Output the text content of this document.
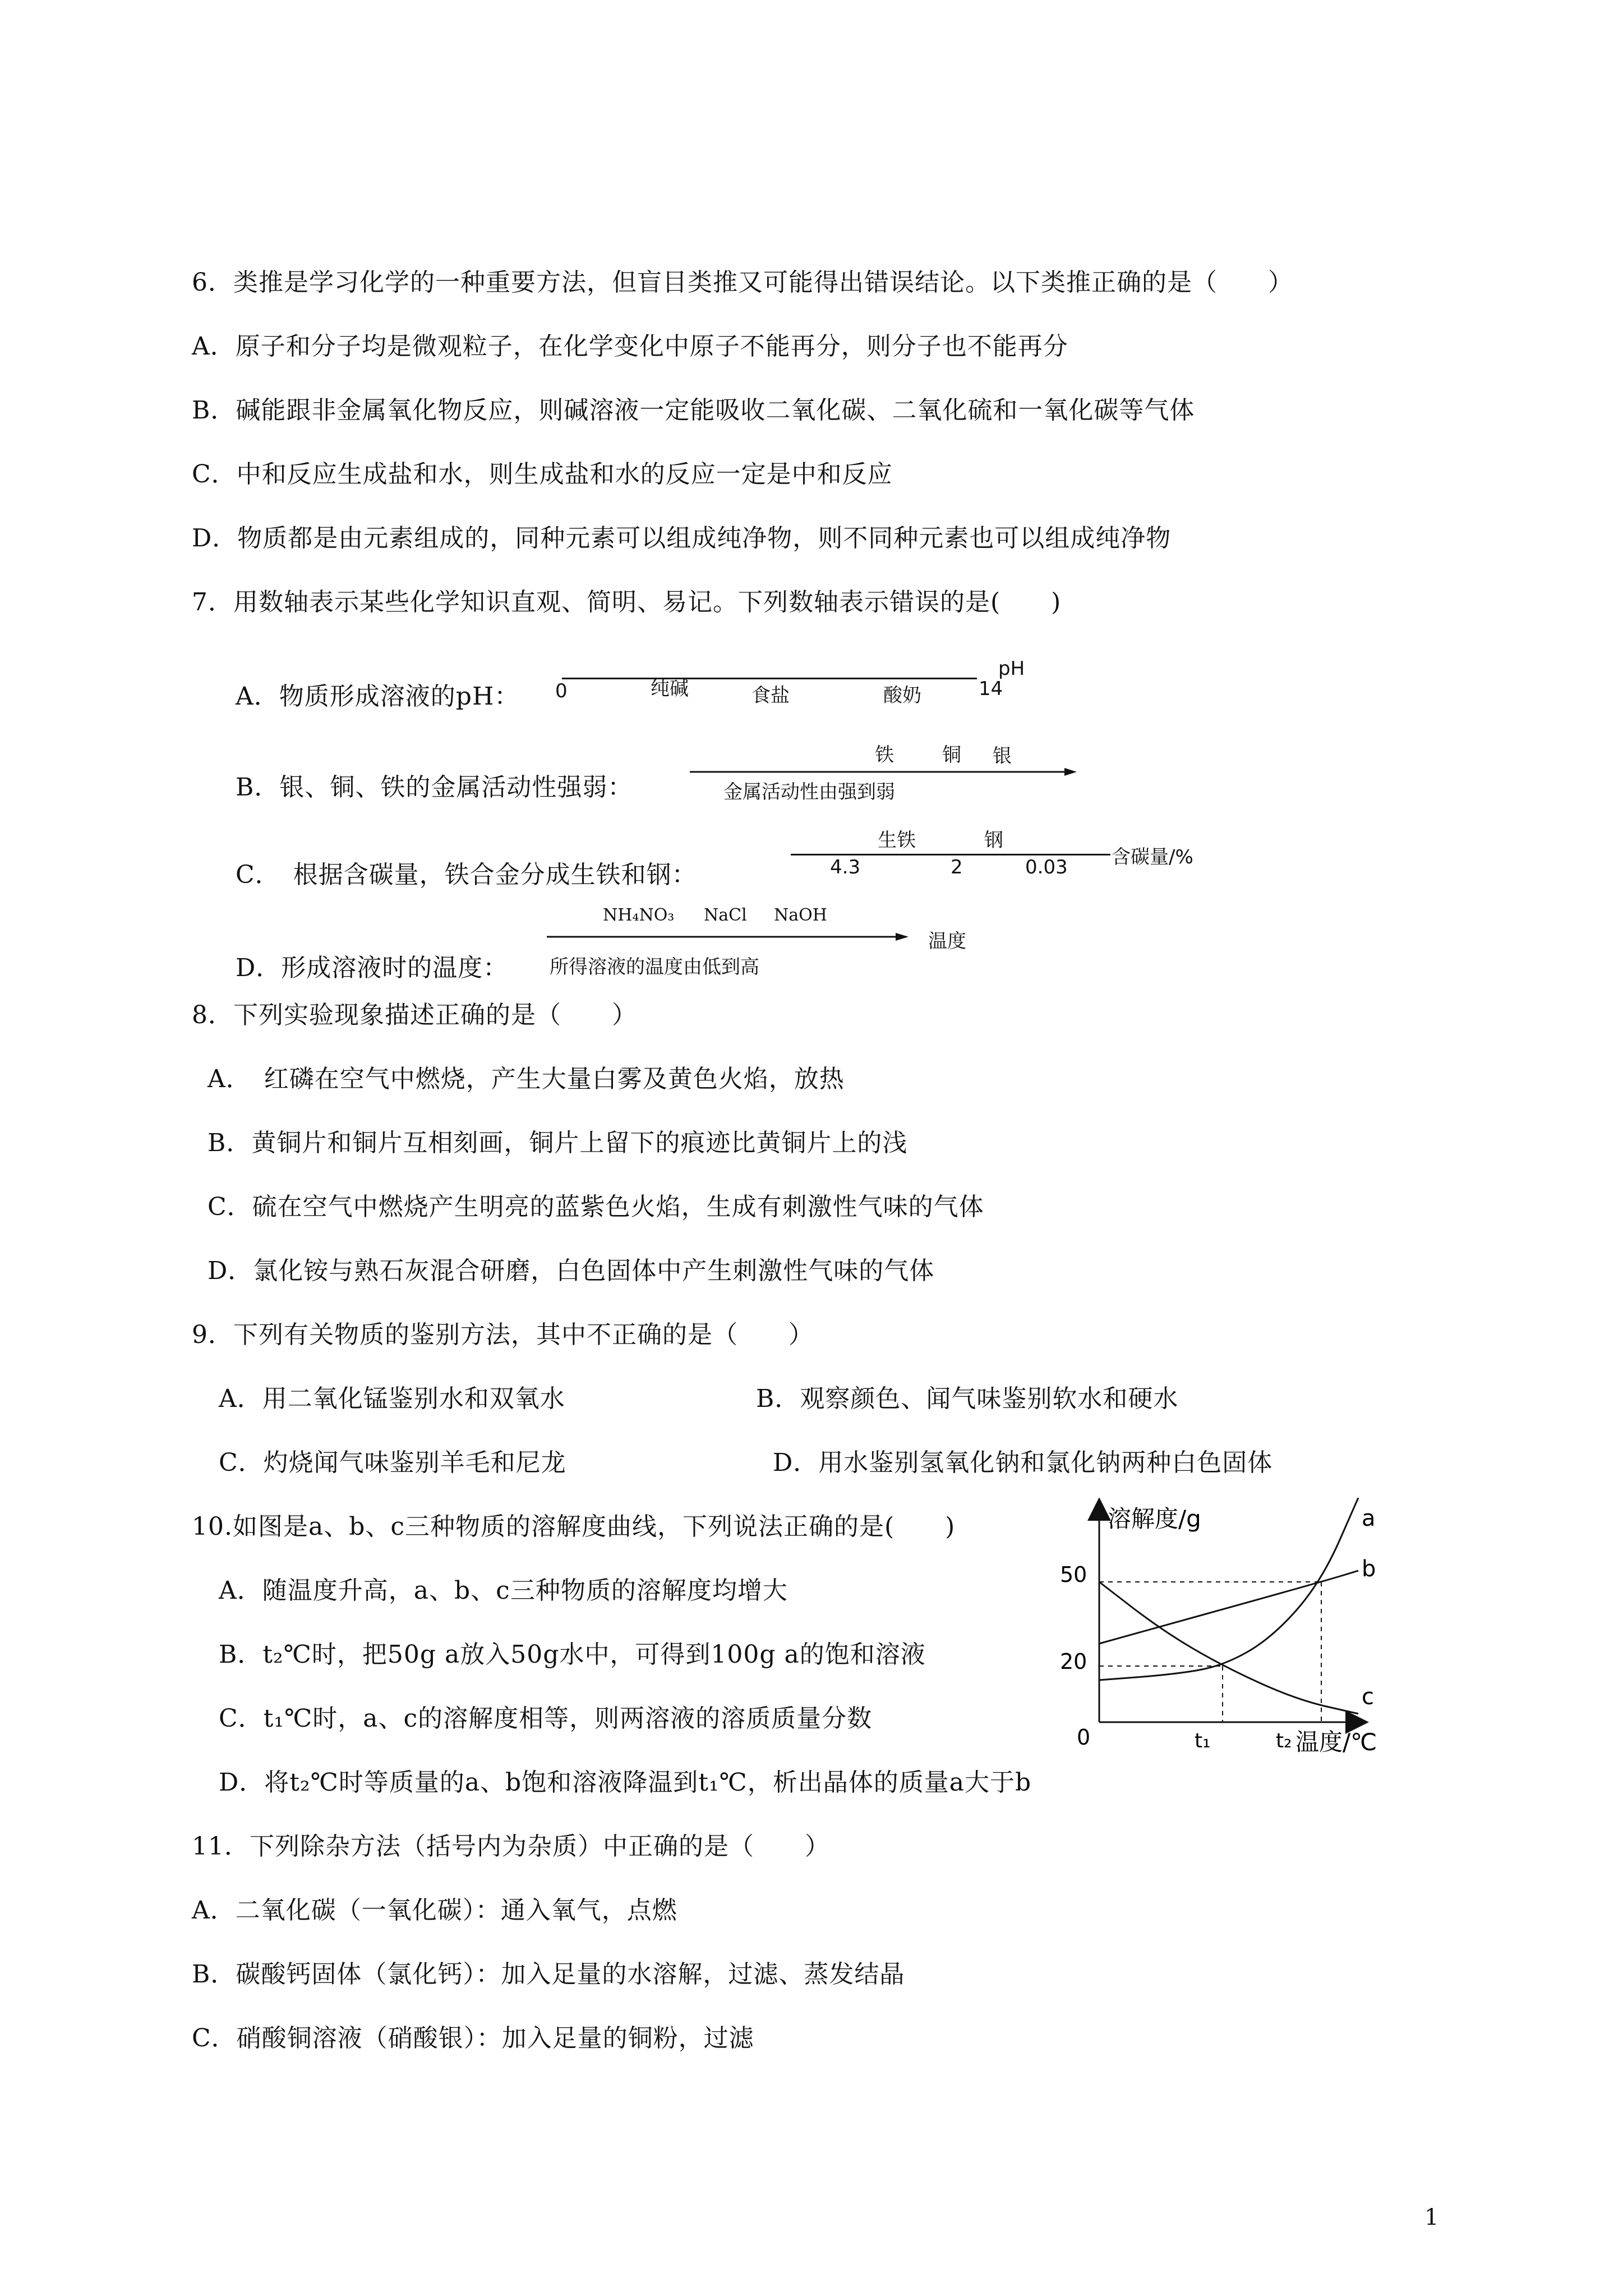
6．类推是学习化学的一种重要方法，但盲目类推又可能得出错误结论。以下类推正确的是（　　）
A．原子和分子均是微观粒子，在化学变化中原子不能再分，则分子也不能再分
B．碱能跟非金属氧化物反应，则碱溶液一定能吸收二氧化碳、二氧化硫和一氧化碳等气体
C．中和反应生成盐和水，则生成盐和水的反应一定是中和反应
D．物质都是由元素组成的，同种元素可以组成纯净物，则不同种元素也可以组成纯净物
7．用数轴表示某些化学知识直观、简明、易记。下列数轴表示错误的是(　　)
A．物质形成溶液的pH： 0	纯碱	食盐	酸奶	14
pH
B．银、铜、铁的金属活动性强弱：
铁	铜 银
金属活动性由强到弱
C．　根据含碳量，铁合金分成生铁和钢：
生铁	钢
4.3	2	0.03 含碳量/%
D．形成溶液时的温度：
NH₄NO₃ NaCl NaOH
温度
所得溶液的温度由低到高
8．下列实验现象描述正确的是（　　）
A．　红磷在空气中燃烧，产生大量白雾及黄色火焰，放热
B．黄铜片和铜片互相刻画，铜片上留下的痕迹比黄铜片上的浅
C．硫在空气中燃烧产生明亮的蓝紫色火焰，生成有刺激性气味的气体
D．氯化铵与熟石灰混合研磨，白色固体中产生刺激性气味的气体
9．下列有关物质的鉴别方法，其中不正确的是（　　）
A．用二氧化锰鉴别水和双氧水	B．观察颜色、闻气味鉴别软水和硬水
C．灼烧闻气味鉴别羊毛和尼龙	D．用水鉴别氢氧化钠和氯化钠两种白色固体
10.如图是a、b、c三种物质的溶解度曲线，下列说法正确的是(　　)
A．随温度升高，a、b、c三种物质的溶解度均增大
B．t₂℃时，把50g a放入50g水中，可得到100g a的饱和溶液
C．t₁℃时，a、c的溶解度相等，则两溶液的溶质质量分数
D．将t₂℃时等质量的a、b饱和溶液降温到t₁℃，析出晶体的质量a大于b
溶解度/g
温度/℃
0
50
20
t₁	t₂
a
b
c
11．下列除杂方法（括号内为杂质）中正确的是（　　）
A．二氧化碳（一氧化碳）：通入氧气，点燃
B．碳酸钙固体（氯化钙）：加入足量的水溶解，过滤、蒸发结晶
C．硝酸铜溶液（硝酸银）：加入足量的铜粉，过滤
1
